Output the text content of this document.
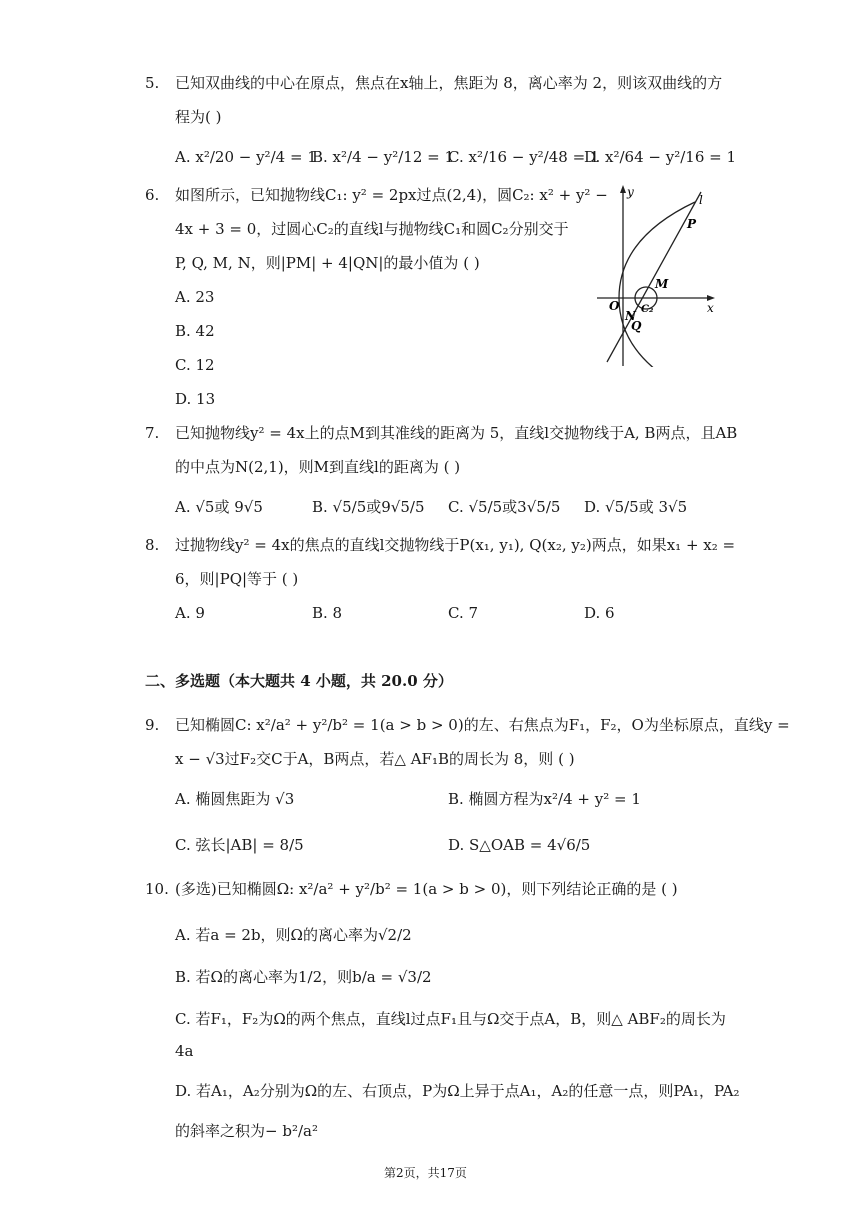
5. 已知双曲线的中心在原点，焦点在x轴上，焦距为 8，离心率为 2，则该双曲线的方
程为( )
A. x²/20 − y²/4 = 1
B. x²/4 − y²/12 = 1
C. x²/16 − y²/48 = 1
D. x²/64 − y²/16 = 1
6. 如图所示，已知抛物线C₁: y² = 2px过点(2,4)，圆C₂: x² + y² −
4x + 3 = 0，过圆心C₂的直线l与抛物线C₁和圆C₂分别交于
P, Q, M, N，则|PM| + 4|QN|的最小值为 ( )
A. 23
B. 42
C. 12
D. 13
y
x
l
P
M
O C₂
N
Q
7. 已知抛物线y² = 4x上的点M到其准线的距离为 5，直线l交抛物线于A, B两点，且AB
的中点为N(2,1)，则M到直线l的距离为 ( )
A. √5或 9√5	B. √5/5或9√5/5 C. √5/5或3√5/5 D. √5/5或 3√5
8. 过抛物线y² = 4x的焦点的直线l交抛物线于P(x₁, y₁), Q(x₂, y₂)两点，如果x₁ + x₂ =
6，则|PQ|等于 ( )
A. 9	B. 8	C. 7	D. 6
二、多选题（本大题共 4 小题，共 20.0 分）
9. 已知椭圆C: x²/a² + y²/b² = 1(a > b > 0)的左、右焦点为F₁，F₂，O为坐标原点，直线y =
x − √3过F₂交C于A，B两点，若△ AF₁B的周长为 8，则 ( )
A. 椭圆焦距为 √3	B. 椭圆方程为x²/4 + y² = 1
C. 弦长|AB| = 8/5	D. S△OAB = 4√6/5
10. (多选)已知椭圆Ω: x²/a² + y²/b² = 1(a > b > 0)，则下列结论正确的是 ( )
A. 若a = 2b，则Ω的离心率为√2/2
B. 若Ω的离心率为1/2，则b/a = √3/2
C. 若F₁，F₂为Ω的两个焦点，直线l过点F₁且与Ω交于点A，B，则△ ABF₂的周长为
4a
D. 若A₁，A₂分别为Ω的左、右顶点，P为Ω上异于点A₁，A₂的任意一点，则PA₁，PA₂
的斜率之积为− b²/a²
第2页，共17页
